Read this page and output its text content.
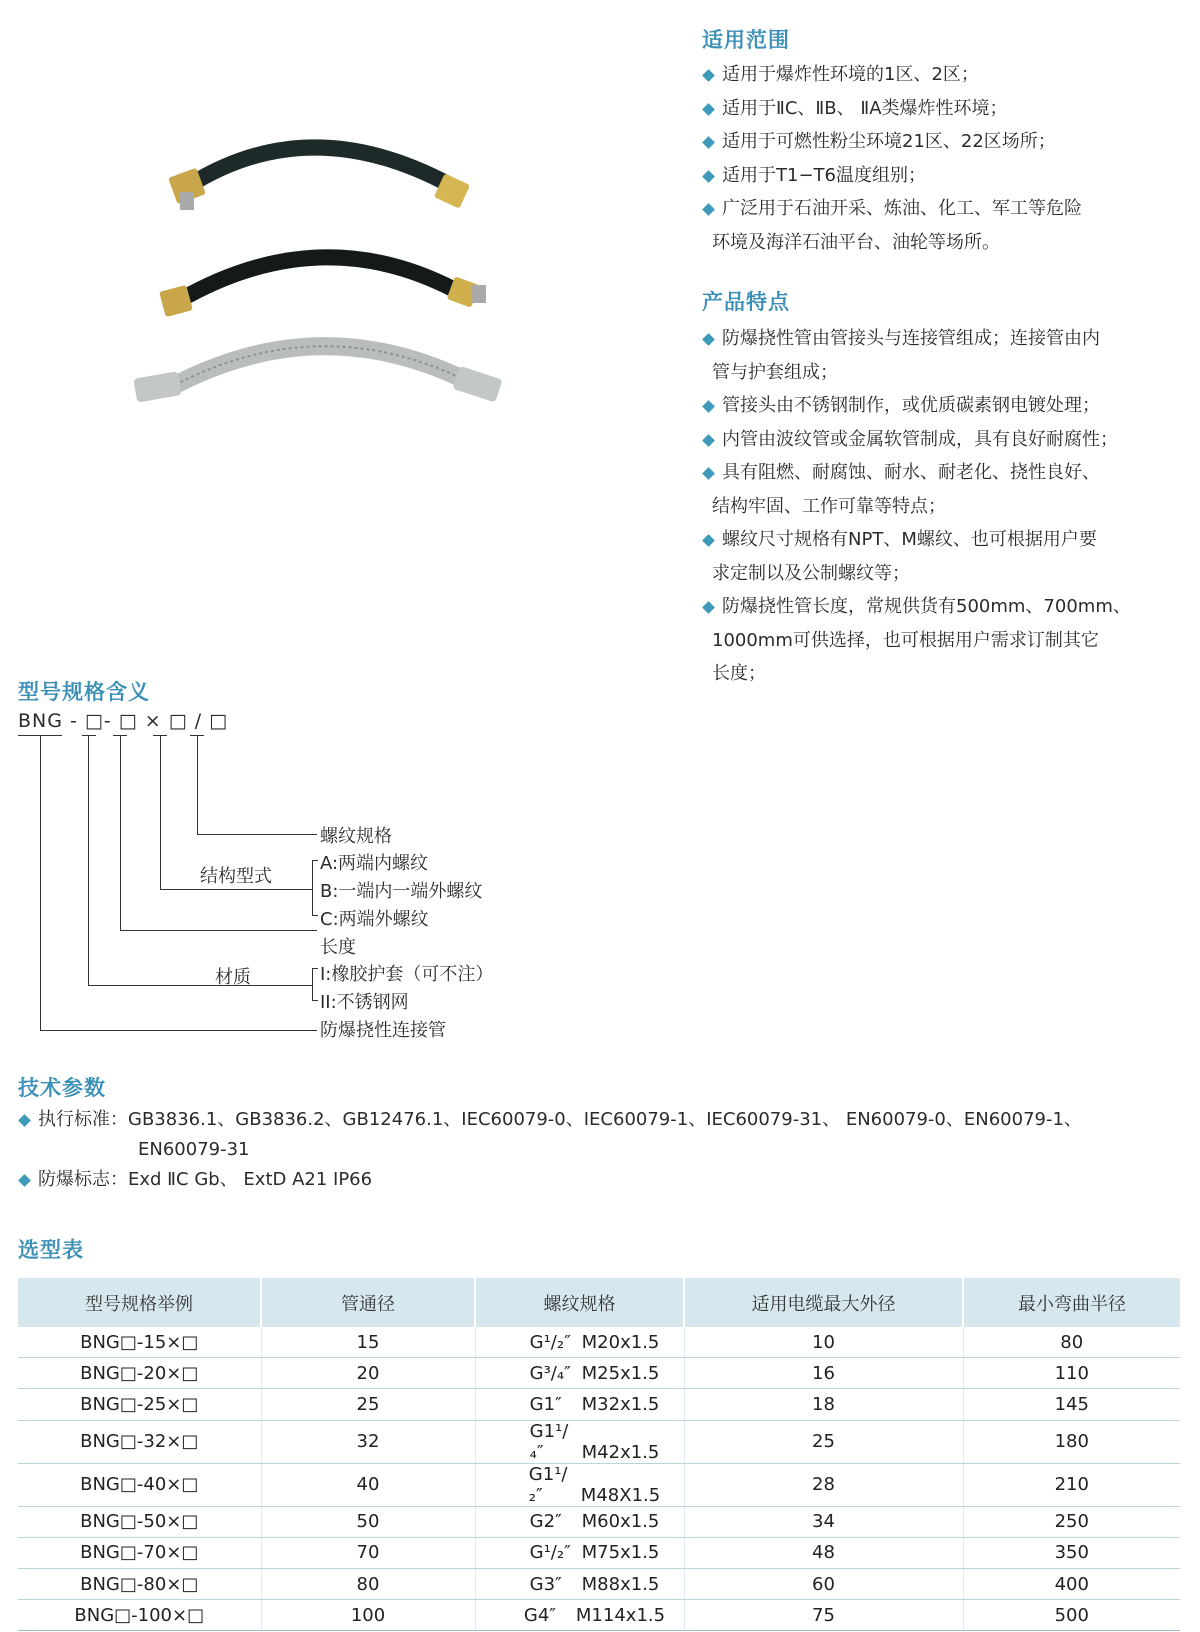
适用范围
适用于爆炸性环境的1区、2区；
适用于ⅡC、ⅡB、 ⅡA类爆炸性环境；
适用于可燃性粉尘环境21区、22区场所；
适用于T1−T6温度组别；
广泛用于石油开采、炼油、化工、军工等危险
环境及海洋石油平台、油轮等场所。
产品特点
防爆挠性管由管接头与连接管组成；连接管由内
管与护套组成；
管接头由不锈钢制作，或优质碳素钢电镀处理；
内管由波纹管或金属软管制成，具有良好耐腐性；
具有阻燃、耐腐蚀、耐水、耐老化、挠性良好、
结构牢固、工作可靠等特点；
螺纹尺寸规格有NPT、M螺纹、也可根据用户要
求定制以及公制螺纹等；
防爆挠性管长度，常规供货有500mm、700mm、
1000mm可供选择，也可根据用户需求订制其它
长度；
型号规格含义
BNG - □- □ × □ / □
螺纹规格
结构型式
A:两端内螺纹
B:一端内一端外螺纹
C:两端外螺纹
长度
材质	I:橡胶护套（可不注）
II:不锈钢网
防爆挠性连接管
技术参数
执行标准：GB3836.1、GB3836.2、GB12476.1、IEC60079-0、IEC60079-1、IEC60079-31、 EN60079-0、EN60079-1、
EN60079-31
防爆标志：Exd ⅡC Gb、 ExtD A21 IP66
选型表
型号规格举例	管通径	螺纹规格	适用电缆最大外径	最小弯曲半径
BNG□-15×□	15	G¹/₂″ M20x1.5	10	80
BNG□-20×□	20	G³/₄″ M25x1.5	16	110
BNG□-25×□	25	G1″ M32x1.5	18	145
BNG□-32×□	32	G1¹/₄″ M42x1.5	25	180
BNG□-40×□	40	G1¹/₂″ M48X1.5	28	210
BNG□-50×□	50	G2″ M60x1.5	34	250
BNG□-70×□	70	G¹/₂″ M75x1.5	48	350
BNG□-80×□	80	G3″ M88x1.5	60	400
BNG□-100×□	100	G4″ M114x1.5	75	500
